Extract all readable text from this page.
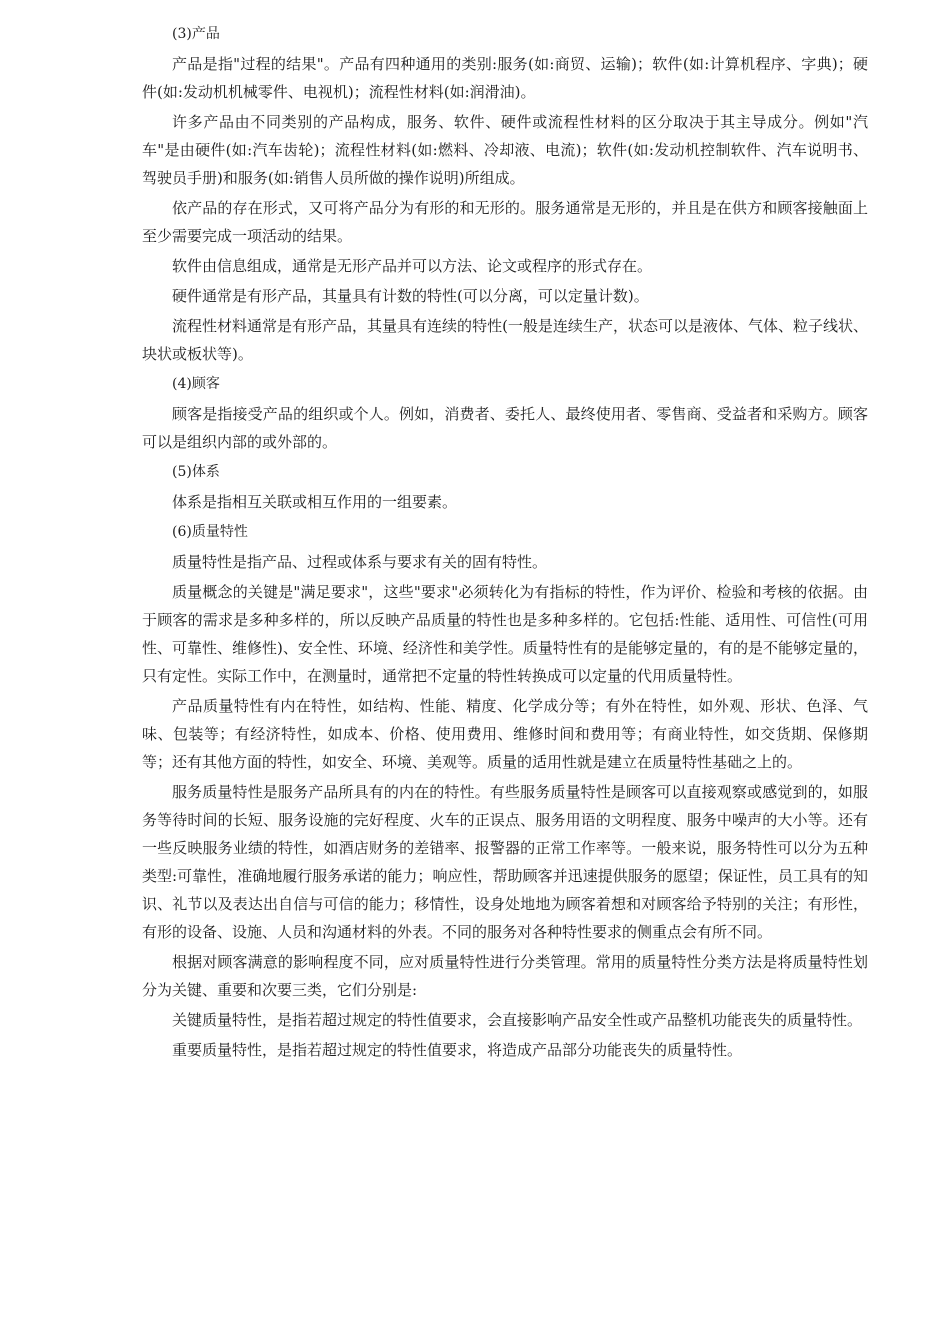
(3)产品

产品是指"过程的结果"。产品有四种通用的类别:服务(如:商贸、运输)；软件(如:计算机程序、字典)；硬件(如:发动机机械零件、电视机)；流程性材料(如:润滑油)。

许多产品由不同类别的产品构成，服务、软件、硬件或流程性材料的区分取决于其主导成分。例如"汽车"是由硬件(如:汽车齿轮)；流程性材料(如:燃料、冷却液、电流)；软件(如:发动机控制软件、汽车说明书、驾驶员手册)和服务(如:销售人员所做的操作说明)所组成。

依产品的存在形式，又可将产品分为有形的和无形的。服务通常是无形的，并且是在供方和顾客接触面上至少需要完成一项活动的结果。

软件由信息组成，通常是无形产品并可以方法、论文或程序的形式存在。

硬件通常是有形产品，其量具有计数的特性(可以分离，可以定量计数)。

流程性材料通常是有形产品，其量具有连续的特性(一般是连续生产，状态可以是液体、气体、粒子线状、块状或板状等)。

(4)顾客

顾客是指接受产品的组织或个人。例如，消费者、委托人、最终使用者、零售商、受益者和采购方。顾客可以是组织内部的或外部的。

(5)体系

体系是指相互关联或相互作用的一组要素。

(6)质量特性

质量特性是指产品、过程或体系与要求有关的固有特性。

质量概念的关键是"满足要求"，这些"要求"必须转化为有指标的特性，作为评价、检验和考核的依据。由于顾客的需求是多种多样的，所以反映产品质量的特性也是多种多样的。它包括:性能、适用性、可信性(可用性、可靠性、维修性)、安全性、环境、经济性和美学性。质量特性有的是能够定量的，有的是不能够定量的，只有定性。实际工作中，在测量时，通常把不定量的特性转换成可以定量的代用质量特性。

产品质量特性有内在特性，如结构、性能、精度、化学成分等；有外在特性，如外观、形状、色泽、气味、包装等；有经济特性，如成本、价格、使用费用、维修时间和费用等；有商业特性，如交货期、保修期等；还有其他方面的特性，如安全、环境、美观等。质量的适用性就是建立在质量特性基础之上的。

服务质量特性是服务产品所具有的内在的特性。有些服务质量特性是顾客可以直接观察或感觉到的，如服务等待时间的长短、服务设施的完好程度、火车的正误点、服务用语的文明程度、服务中噪声的大小等。还有一些反映服务业绩的特性，如酒店财务的差错率、报警器的正常工作率等。一般来说，服务特性可以分为五种类型:可靠性，准确地履行服务承诺的能力；响应性，帮助顾客并迅速提供服务的愿望；保证性，员工具有的知识、礼节以及表达出自信与可信的能力；移情性，设身处地地为顾客着想和对顾客给予特别的关注；有形性，有形的设备、设施、人员和沟通材料的外表。不同的服务对各种特性要求的侧重点会有所不同。

根据对顾客满意的影响程度不同，应对质量特性进行分类管理。常用的质量特性分类方法是将质量特性划分为关键、重要和次要三类，它们分别是:

关键质量特性，是指若超过规定的特性值要求，会直接影响产品安全性或产品整机功能丧失的质量特性。

重要质量特性，是指若超过规定的特性值要求，将造成产品部分功能丧失的质量特性。
